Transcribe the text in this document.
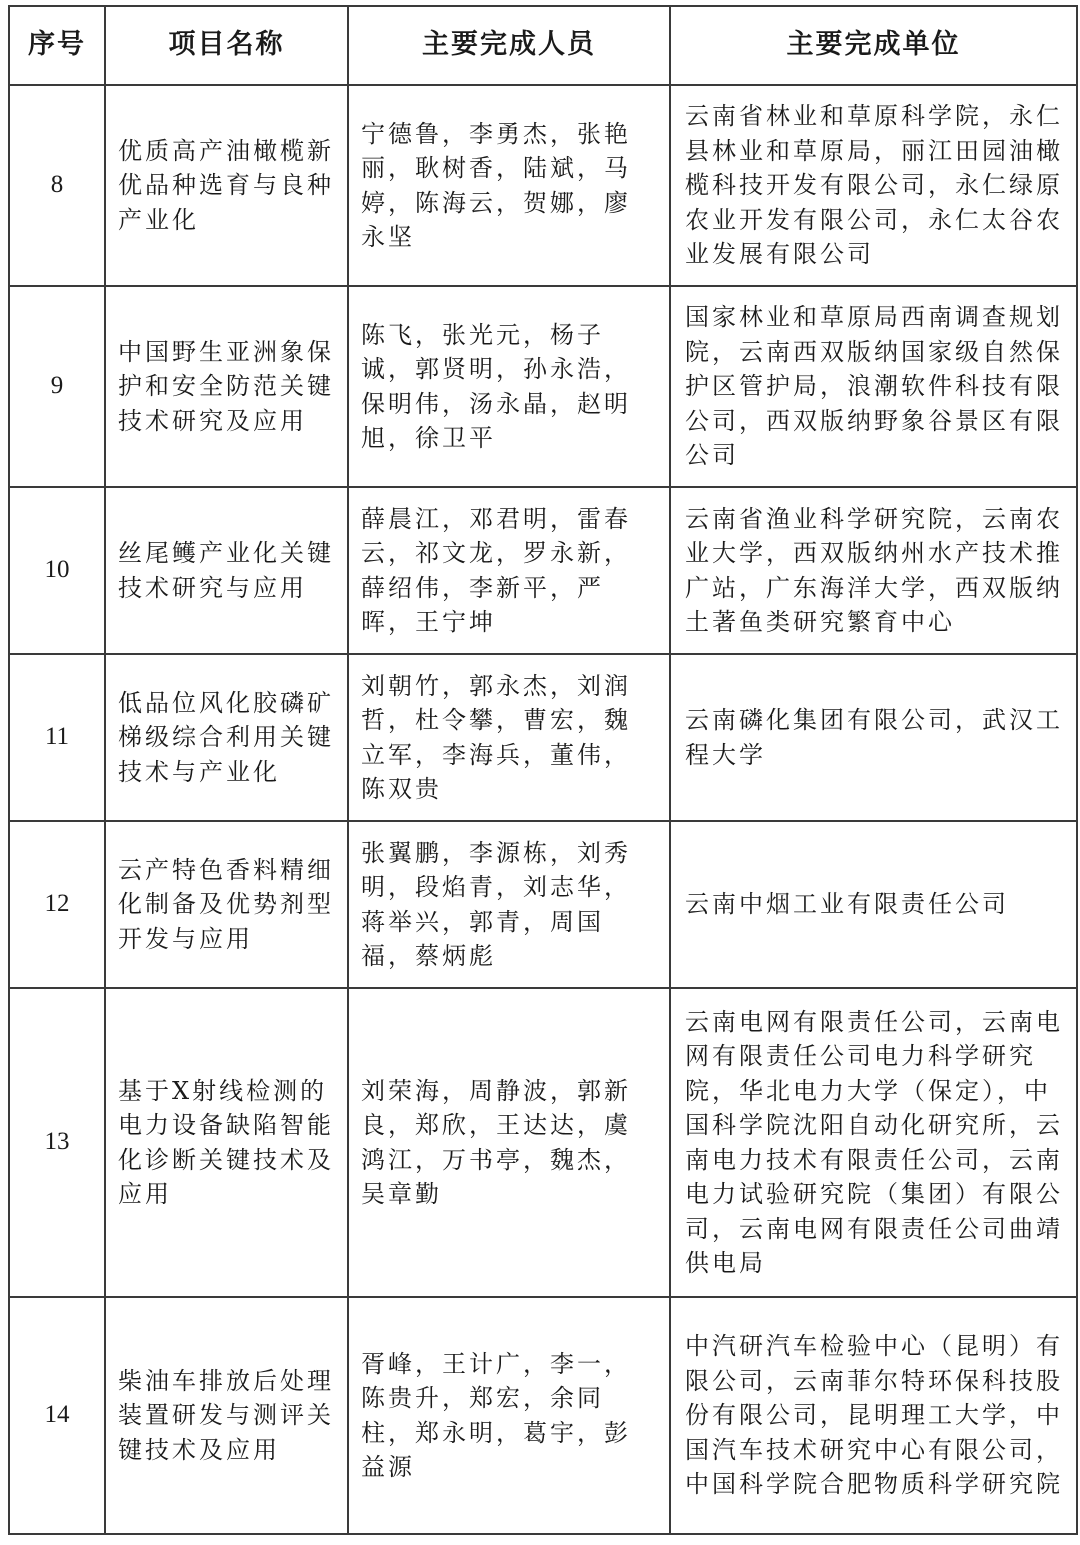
序号	项目名称	主要完成人员	主要完成单位
8	优质高产油橄榄新优品种选育与良种产业化	宁德鲁，李勇杰，张艳丽，耿树香，陆斌，马婷，陈海云，贺娜，廖永坚	云南省林业和草原科学院，永仁县林业和草原局，丽江田园油橄榄科技开发有限公司，永仁绿原农业开发有限公司，永仁太谷农业发展有限公司
9	中国野生亚洲象保护和安全防范关键技术研究及应用	陈飞，张光元，杨子诚，郭贤明，孙永浩，保明伟，汤永晶，赵明旭，徐卫平	国家林业和草原局西南调查规划院，云南西双版纳国家级自然保护区管护局，浪潮软件科技有限公司，西双版纳野象谷景区有限公司
10	丝尾鳠产业化关键技术研究与应用	薛晨江，邓君明，雷春云，祁文龙，罗永新，薛绍伟，李新平，严晖，王宁坤	云南省渔业科学研究院，云南农业大学，西双版纳州水产技术推广站，广东海洋大学，西双版纳土著鱼类研究繁育中心
11	低品位风化胶磷矿梯级综合利用关键技术与产业化	刘朝竹，郭永杰，刘润哲，杜令攀，曹宏，魏立军，李海兵，董伟，陈双贵	云南磷化集团有限公司，武汉工程大学
12	云产特色香料精细化制备及优势剂型开发与应用	张翼鹏，李源栋，刘秀明，段焰青，刘志华，蒋举兴，郭青，周国福，蔡炳彪	云南中烟工业有限责任公司
13	基于X射线检测的电力设备缺陷智能化诊断关键技术及应用	刘荣海，周静波，郭新良，郑欣，王达达，虞鸿江，万书亭，魏杰，吴章勤	云南电网有限责任公司，云南电网有限责任公司电力科学研究院，华北电力大学（保定），中国科学院沈阳自动化研究所，云南电力技术有限责任公司，云南电力试验研究院（集团）有限公司，云南电网有限责任公司曲靖供电局
14	柴油车排放后处理装置研发与测评关键技术及应用	胥峰，王计广，李一，陈贵升，郑宏，余同柱，郑永明，葛宇，彭益源	中汽研汽车检验中心（昆明）有限公司，云南菲尔特环保科技股份有限公司，昆明理工大学，中国汽车技术研究中心有限公司，中国科学院合肥物质科学研究院
